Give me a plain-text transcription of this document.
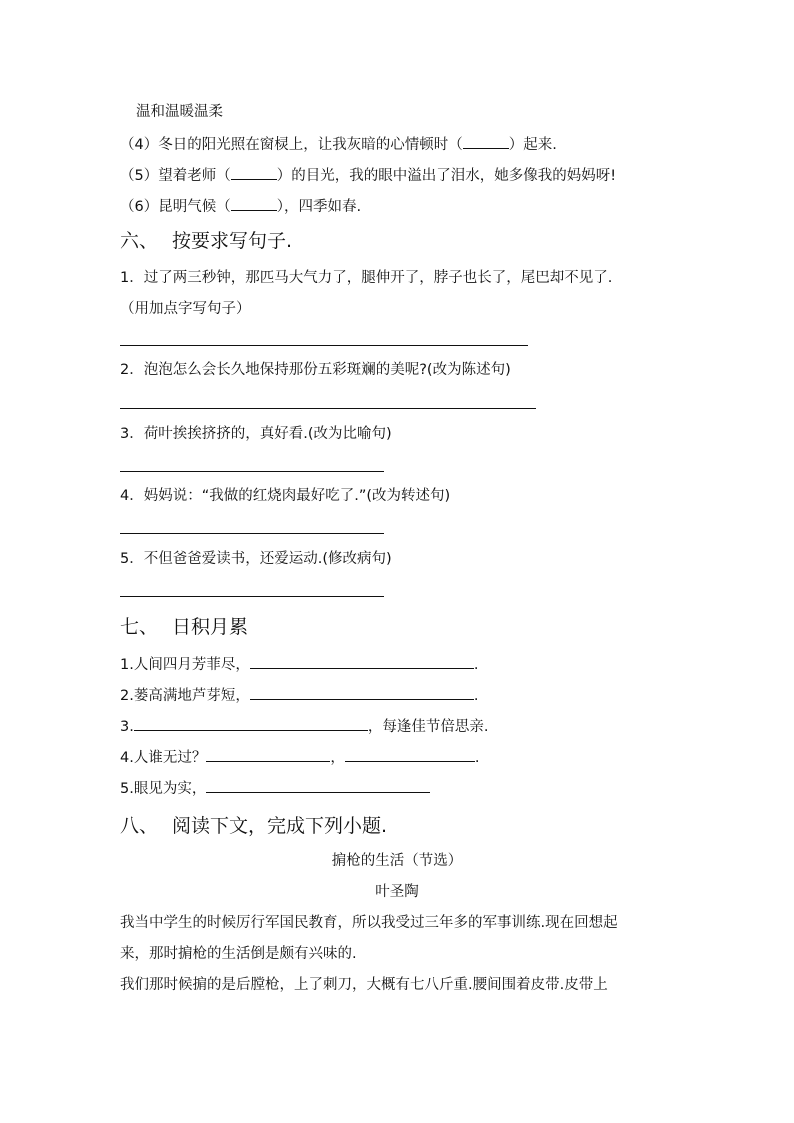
温和温暖温柔
（4）冬日的阳光照在窗棂上，让我灰暗的心情顿时（	）起来.
（5）望着老师（	）的目光，我的眼中溢出了泪水，她多像我的妈妈呀!
（6）昆明气候（	），四季如春.
六、 按要求写句子.
1．过了两三秒钟，那匹马大气力了，腿伸开了，脖子也长了，尾巴却不见了.
（用加点字写句子）
2．泡泡怎么会长久地保持那份五彩斑斓的美呢?(改为陈述句)
3．荷叶挨挨挤挤的，真好看.(改为比喻句)
4．妈妈说：“我做的红烧肉最好吃了.”(改为转述句)
5．不但爸爸爱读书，还爱运动.(修改病句)
七、 日积月累
1.人间四月芳菲尽，	.
2.蒌高满地芦芽短，	.
3.	，每逢佳节倍思亲.
4.人谁无过？	，	.
5.眼见为实，
八、 阅读下文，完成下列小题.
掮枪的生活（节选）
叶圣陶
我当中学生的时候厉行军国民教育，所以我受过三年多的军事训练.现在回想起
来，那时掮枪的生活倒是颇有兴味的.
我们那时候掮的是后膛枪，上了刺刀，大概有七八斤重.腰间围着皮带.皮带上
